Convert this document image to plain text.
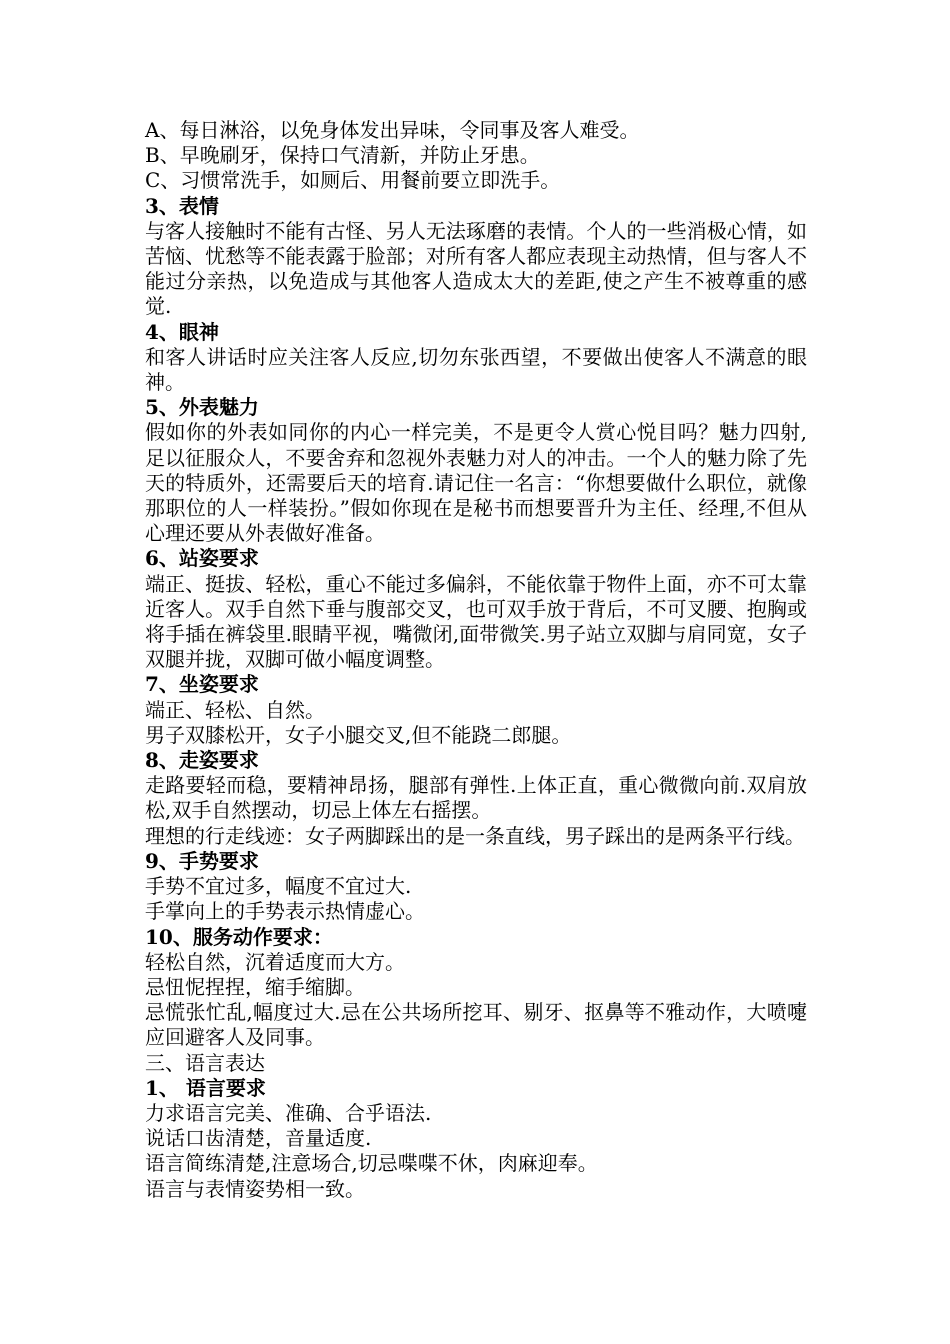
A、每日淋浴，以免身体发出异味，令同事及客人难受。

B、早晚刷牙，保持口气清新，并防止牙患。

C、习惯常洗手，如厕后、用餐前要立即洗手。

3、表情

与客人接触时不能有古怪、另人无法琢磨的表情。个人的一些消极心情，如苦恼、忧愁等不能表露于脸部；对所有客人都应表现主动热情，但与客人不能过分亲热，以免造成与其他客人造成太大的差距,使之产生不被尊重的感觉.

4、眼神

和客人讲话时应关注客人反应,切勿东张西望，不要做出使客人不满意的眼神。

5、外表魅力

假如你的外表如同你的内心一样完美，不是更令人赏心悦目吗？魅力四射,足以征服众人，不要舍弃和忽视外表魅力对人的冲击。一个人的魅力除了先天的特质外，还需要后天的培育.请记住一名言：“你想要做什么职位，就像那职位的人一样装扮。”假如你现在是秘书而想要晋升为主任、经理,不但从心理还要从外表做好准备。

6、站姿要求

端正、挺拔、轻松，重心不能过多偏斜，不能依靠于物件上面，亦不可太靠近客人。双手自然下垂与腹部交叉，也可双手放于背后，不可叉腰、抱胸或将手插在裤袋里.眼睛平视，嘴微闭,面带微笑.男子站立双脚与肩同宽，女子双腿并拢，双脚可做小幅度调整。

7、坐姿要求

端正、轻松、自然。

男子双膝松开，女子小腿交叉,但不能跷二郎腿。

8、走姿要求

走路要轻而稳，要精神昂扬，腿部有弹性.上体正直，重心微微向前.双肩放松,双手自然摆动，切忌上体左右摇摆。

理想的行走线迹：女子两脚踩出的是一条直线，男子踩出的是两条平行线。

9、手势要求

手势不宜过多，幅度不宜过大.

手掌向上的手势表示热情虚心。

10、服务动作要求：

轻松自然，沉着适度而大方。

忌忸怩捏捏，缩手缩脚。

忌慌张忙乱,幅度过大.忌在公共场所挖耳、剔牙、抠鼻等不雅动作，大喷嚏应回避客人及同事。

三、语言表达

1、 语言要求

力求语言完美、准确、合乎语法.

说话口齿清楚，音量适度.

语言简练清楚,注意场合,切忌喋喋不休，肉麻迎奉。

语言与表情姿势相一致。
